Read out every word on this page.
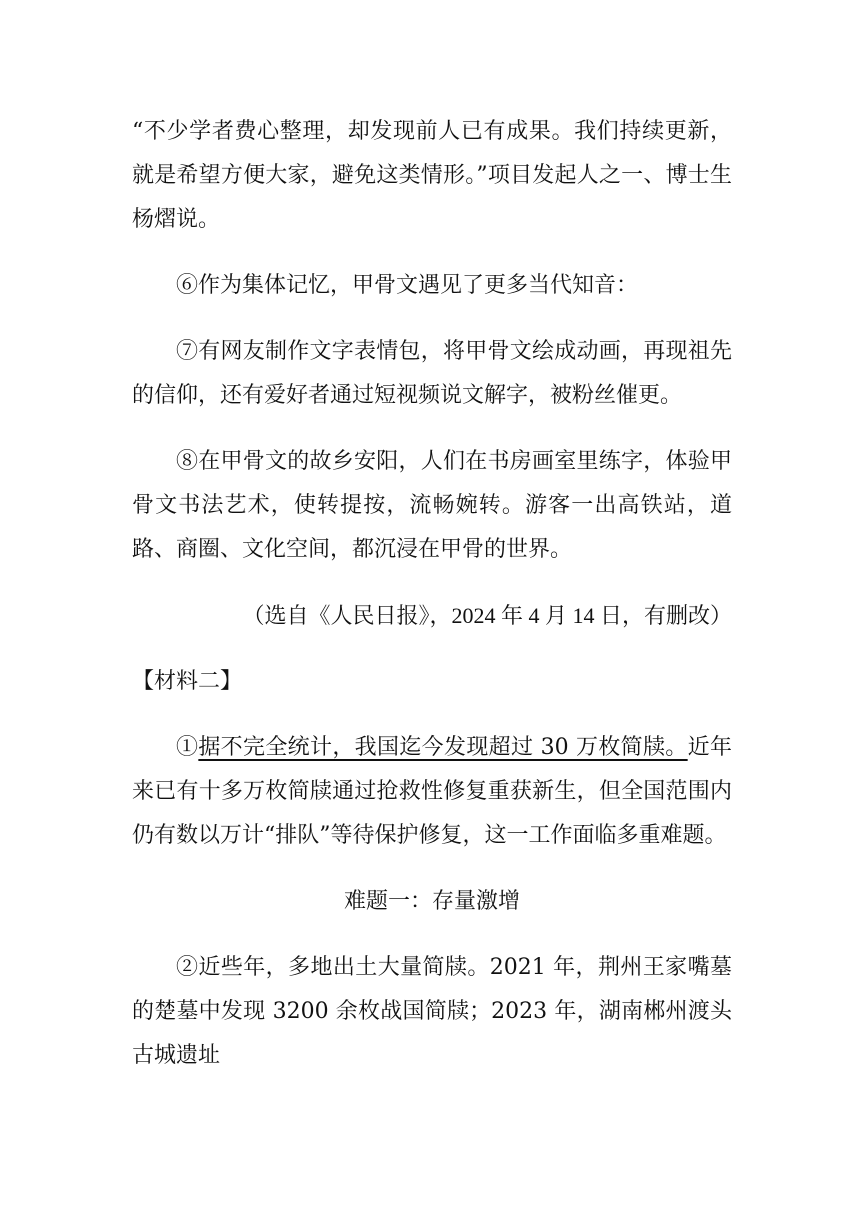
“不少学者费心整理，却发现前人已有成果。我们持续更新，就是希望方便大家，避免这类情形。”项目发起人之一、博士生杨熠说。

⑥作为集体记忆，甲骨文遇见了更多当代知音：

⑦有网友制作文字表情包，将甲骨文绘成动画，再现祖先的信仰，还有爱好者通过短视频说文解字，被粉丝催更。

⑧在甲骨文的故乡安阳，人们在书房画室里练字，体验甲骨文书法艺术，使转提按，流畅婉转。游客一出高铁站，道路、商圈、文化空间，都沉浸在甲骨的世界。

（选自《人民日报》，2024 年 4 月 14 日，有删改）
【材料二】

①据不完全统计，我国迄今发现超过 30 万枚简牍。近年来已有十多万枚简牍通过抢救性修复重获新生，但全国范围内仍有数以万计“排队”等待保护修复，这一工作面临多重难题。

难题一：存量激增

②近些年，多地出土大量简牍。2021 年，荆州王家嘴墓的楚墓中发现 3200 余枚战国简牍；2023 年，湖南郴州渡头古城遗址
